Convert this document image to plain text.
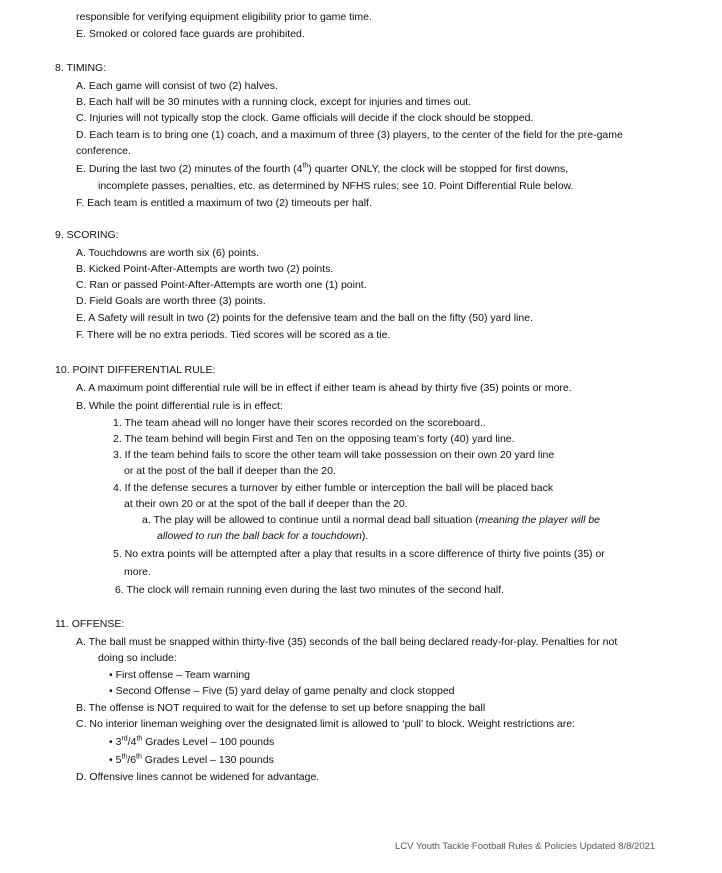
responsible for verifying equipment eligibility prior to game time.
E. Smoked or colored face guards are prohibited.
8. TIMING:
A. Each game will consist of two (2) halves.
B. Each half will be 30 minutes with a running clock, except for injuries and times out.
C. Injuries will not typically stop the clock. Game officials will decide if the clock should be stopped.
D. Each team is to bring one (1) coach, and a maximum of three (3) players, to the center of the field for the pre-game
conference.
E. During the last two (2) minutes of the fourth (4th) quarter ONLY, the clock will be stopped for first downs,
incomplete passes, penalties, etc. as determined by NFHS rules; see 10. Point Differential Rule below.
F. Each team is entitled a maximum of two (2) timeouts per half.
9. SCORING:
A. Touchdowns are worth six (6) points.
B. Kicked Point-After-Attempts are worth two (2) points.
C. Ran or passed Point-After-Attempts are worth one (1) point.
D. Field Goals are worth three (3) points.
E. A Safety will result in two (2) points for the defensive team and the ball on the fifty (50) yard line.
F. There will be no extra periods. Tied scores will be scored as a tie.
10. POINT DIFFERENTIAL RULE:
A. A maximum point differential rule will be in effect if either team is ahead by thirty five (35) points or more.
B. While the point differential rule is in effect:
1. The team ahead will no longer have their scores recorded on the scoreboard..
2. The team behind will begin First and Ten on the opposing team’s forty (40) yard line.
3. If the team behind fails to score the other team will take possession on their own 20 yard line
or at the post of the ball if deeper than the 20.
4. If the defense secures a turnover by either fumble or interception the ball will be placed back
at their own 20 or at the spot of the ball if deeper than the 20.
a. The play will be allowed to continue until a normal dead ball situation (meaning the player will be
allowed to run the ball back for a touchdown).
5. No extra points will be attempted after a play that results in a score difference of thirty five points (35) or
more.
6. The clock will remain running even during the last two minutes of the second half.
11. OFFENSE:
A. The ball must be snapped within thirty-five (35) seconds of the ball being declared ready-for-play. Penalties for not
doing so include:
• First offense – Team warning
• Second Offense – Five (5) yard delay of game penalty and clock stopped
B. The offense is NOT required to wait for the defense to set up before snapping the ball
C. No interior lineman weighing over the designated limit is allowed to ‘pull’ to block. Weight restrictions are:
• 3rd/4th Grades Level – 100 pounds
• 5th/6th Grades Level – 130 pounds
D. Offensive lines cannot be widened for advantage.
LCV Youth Tackle Football Rules & Policies Updated 8/8/2021
